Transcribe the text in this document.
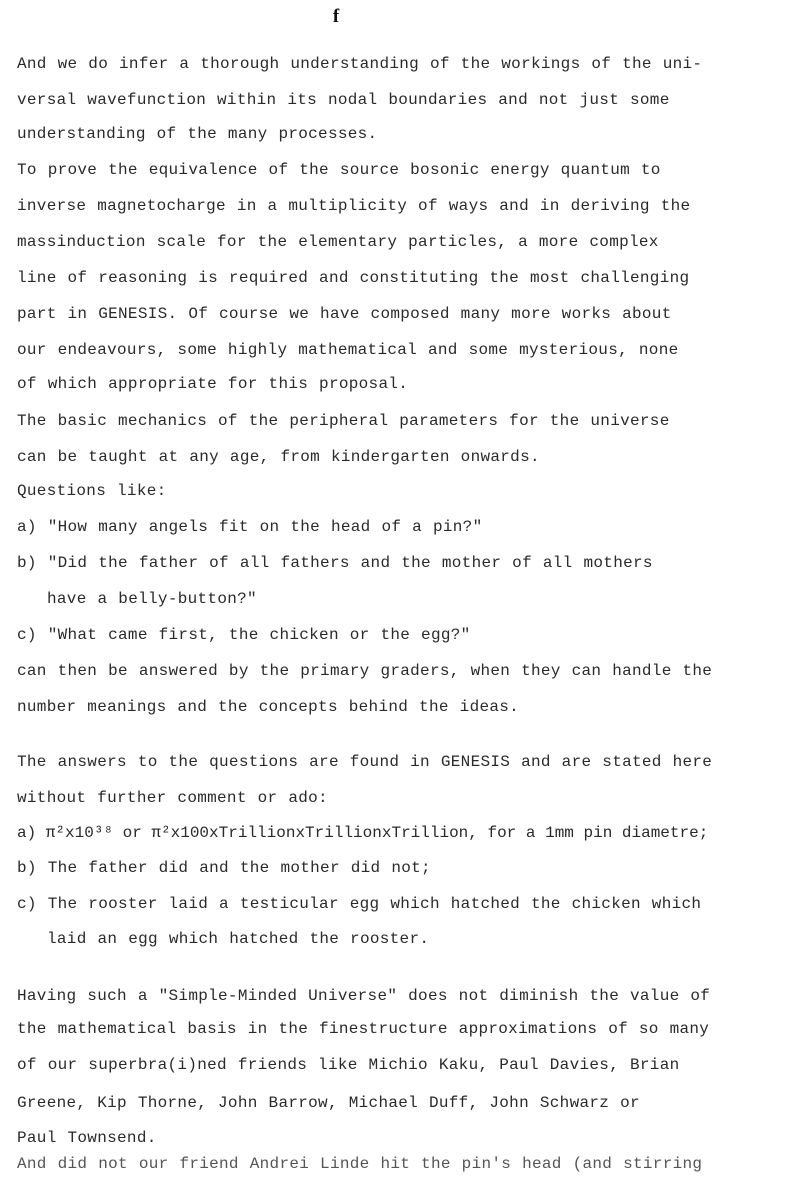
f
And we do infer a thorough understanding of the workings of the uni-
versal wavefunction within its nodal boundaries and not just some
understanding of the many processes.
To prove the equivalence of the source bosonic energy quantum to
inverse magnetocharge in a multiplicity of ways and in deriving the
massinduction scale for the elementary particles, a more complex
line of reasoning is required and constituting the most challenging
part in GENESIS. Of course we have composed many more works about
our endeavours, some highly mathematical and some mysterious, none
of which appropriate for this proposal.
The basic mechanics of the peripheral parameters for the universe
can be taught at any age, from kindergarten onwards.
Questions like:
a) "How many angels fit on the head of a pin?"
b) "Did the father of all fathers and the mother of all mothers
have a belly-button?"
c) "What came first, the chicken or the egg?"
can then be answered by the primary graders, when they can handle the
number meanings and the concepts behind the ideas.
The answers to the questions are found in GENESIS and are stated here
without further comment or ado:
a) π²x10³⁸ or π²x100xTrillionxTrillionxTrillion, for a 1mm pin diametre;
b) The father did and the mother did not;
c) The rooster laid a testicular egg which hatched the chicken which
laid an egg which hatched the rooster.
Having such a "Simple-Minded Universe" does not diminish the value of
the mathematical basis in the finestructure approximations of so many
of our superbra(i)ned friends like Michio Kaku, Paul Davies, Brian
Greene, Kip Thorne, John Barrow, Michael Duff, John Schwarz or
Paul Townsend.
And did not our friend Andrei Linde hit the pin's head (and stirring
